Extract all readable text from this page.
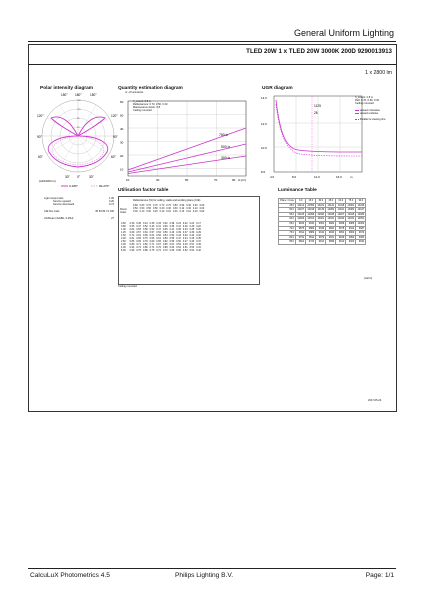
General Uniform Lighting
TLED 20W 1 x TLED 20W 3000K 200D 9290013913
1 x 2800 lm
Polar intensity diagram
150° 180°	150°
120°	120°
90°	90°
60°	60°
30° 0°	30°
40
80
120
160
(cd/1000 lm)
0-180°	90-270°
Quantity estimation diagram
nr. of luminaires
750 lx
500 lx
300 lx
60
50
40
30
20
10
10	30	50	70	90 A (m²)
h_mount: 2.8 m
Reflectances: 0.70, 0.50, 0.20
Maintenance factor: 0.8
Ceiling mounted
UGR diagram
1125
28
14.0
12.0
10.0
8.0
4.0	8.0	12.0	16.0	m
h_mount: 2.8 m
Refl: 0.70, 0.50, 0.20
Ceiling mounted
viewed crosswise
viewed endwise
Parallel to viewing line
Light output ratio	1.00
Service upward	0.26
Service downward	0.74
CIE flux code	35 63 84 74 100
UGRmax (4Hx8H, 0.25H)	27
Utilisation factor table
Reflectances (%) for ceiling, walls and working plane (CIE)
Room
Index
0.80	0.80	0.70	0.70	0.70	0.70	0.50	0.50	0.30	0.30	0.00
0.50	0.50	0.50	0.50	0.30	0.30	0.30	0.10	0.30	0.10	0.00
0.30	0.10	0.30	0.20	0.10	0.10	0.10	0.10	0.10	0.10	0.00
0.60	0.46	0.38	0.44	0.38	0.33	0.32	0.28	0.24	0.22	0.24	0.17
0.80	0.55	0.47	0.52	0.46	0.41	0.39	0.36	0.31	0.29	0.30	0.22
1.00	0.62	0.53	0.59	0.52	0.47	0.45	0.41	0.35	0.33	0.35	0.26
1.25	0.69	0.57	0.64	0.57	0.52	0.50	0.46	0.39	0.37	0.39	0.29
1.50	0.74	0.61	0.69	0.61	0.56	0.54	0.50	0.43	0.40	0.42	0.32
2.00	0.81	0.66	0.75	0.66	0.61	0.59	0.55	0.47	0.44	0.46	0.35
2.50	0.86	0.69	0.79	0.69	0.65	0.62	0.59	0.50	0.47	0.49	0.37
3.00	0.89	0.71	0.82	0.71	0.67	0.65	0.61	0.52	0.49	0.51	0.39
4.00	0.94	0.74	0.86	0.74	0.70	0.68	0.64	0.54	0.51	0.53	0.41
5.00	0.96	0.75	0.88	0.75	0.72	0.70	0.66	0.56	0.52	0.54	0.42
Ceiling mounted
Luminance Table
Plane / Cone	0.0	15.0	30.0	45.0	60.0	75.0	90.0
45.0	10412	10356	10221	10131	10118	10061	10246
50.0	10237	10198	10139	10082	10011	10082	10167
55.0	10105	10098	10060	10045	10027	10046	10083
60.0	10009	10013	10001	10031	10032	10031	10051
65.0	9936	9940	9961	9982	9998	9986	10000
70.0	9875	9889	9949	9964	9978	9912	9987
75.0	9811	9889	9910	9946	9954	9960	9974
80.0	9754	9811	9879	9931	9939	9950	9963
85.0	9694	9733	9812	9899	9910	9920	9934
(cd/m²)
2017-05-24
CalcuLuX Photometrics 4.5	Philips Lighting B.V.	Page: 1/1
